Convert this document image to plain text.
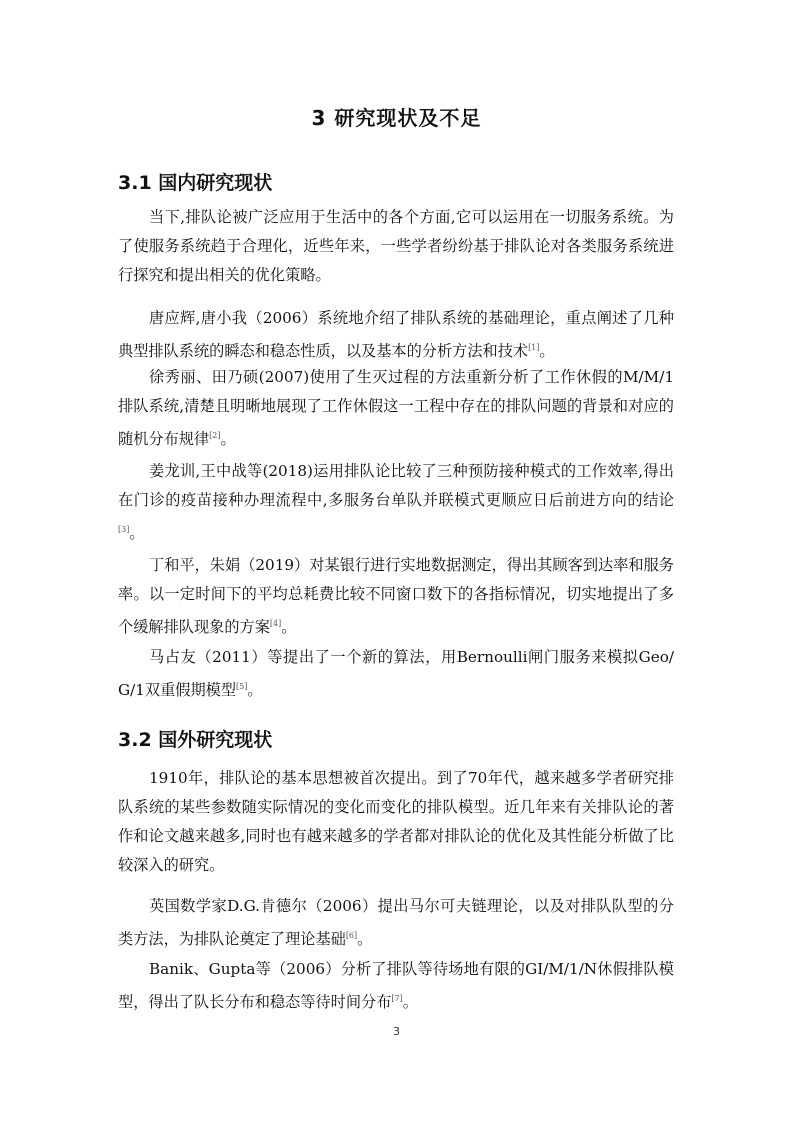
3 研究现状及不足
3.1 国内研究现状

当下,排队论被广泛应用于生活中的各个方面,它可以运用在一切服务系统。为了使服务系统趋于合理化，近些年来，一些学者纷纷基于排队论对各类服务系统进行探究和提出相关的优化策略。

唐应辉,唐小我（2006）系统地介绍了排队系统的基础理论，重点阐述了几种典型排队系统的瞬态和稳态性质，以及基本的分析方法和技术[1]。

徐秀丽、田乃硕(2007)使用了生灭过程的方法重新分析了工作休假的M/M/1排队系统,清楚且明晰地展现了工作休假这一工程中存在的排队问题的背景和对应的随机分布规律[2]。

姜龙训,王中战等(2018)运用排队论比较了三种预防接种模式的工作效率,得出在门诊的疫苗接种办理流程中,多服务台单队并联模式更顺应日后前进方向的结论[3]。

丁和平，朱娟（2019）对某银行进行实地数据测定，得出其顾客到达率和服务率。以一定时间下的平均总耗费比较不同窗口数下的各指标情况，切实地提出了多个缓解排队现象的方案[4]。

马占友（2011）等提出了一个新的算法，用Bernoulli闸门服务来模拟Geo/G/1双重假期模型[5]。

3.2 国外研究现状

1910年，排队论的基本思想被首次提出。到了70年代，越来越多学者研究排队系统的某些参数随实际情况的变化而变化的排队模型。近几年来有关排队论的著作和论文越来越多,同时也有越来越多的学者都对排队论的优化及其性能分析做了比较深入的研究。

英国数学家D.G.肯德尔（2006）提出马尔可夫链理论，以及对排队队型的分类方法，为排队论奠定了理论基础[6]。

Banik、Gupta等（2006）分析了排队等待场地有限的GI/M/1/N休假排队模型，得出了队长分布和稳态等待时间分布[7]。

3
